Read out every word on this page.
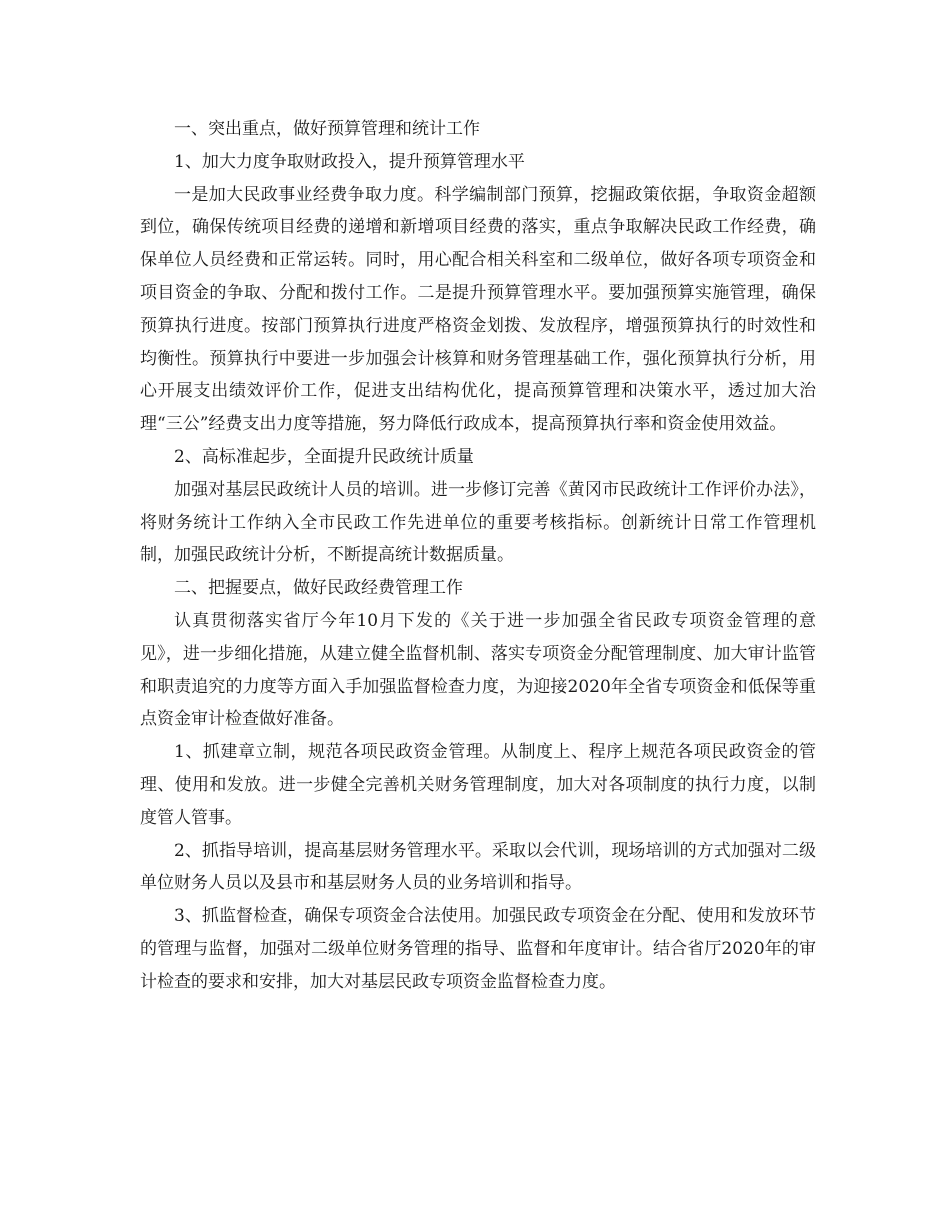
一、突出重点，做好预算管理和统计工作

1、加大力度争取财政投入，提升预算管理水平

一是加大民政事业经费争取力度。科学编制部门预算，挖掘政策依据，争取资金超额到位，确保传统项目经费的递增和新增项目经费的落实，重点争取解决民政工作经费，确保单位人员经费和正常运转。同时，用心配合相关科室和二级单位，做好各项专项资金和项目资金的争取、分配和拨付工作。二是提升预算管理水平。要加强预算实施管理，确保预算执行进度。按部门预算执行进度严格资金划拨、发放程序，增强预算执行的时效性和均衡性。预算执行中要进一步加强会计核算和财务管理基础工作，强化预算执行分析，用心开展支出绩效评价工作，促进支出结构优化，提高预算管理和决策水平，透过加大治理“三公”经费支出力度等措施，努力降低行政成本，提高预算执行率和资金使用效益。

2、高标准起步，全面提升民政统计质量

加强对基层民政统计人员的培训。进一步修订完善《黄冈市民政统计工作评价办法》，将财务统计工作纳入全市民政工作先进单位的重要考核指标。创新统计日常工作管理机制，加强民政统计分析，不断提高统计数据质量。

二、把握要点，做好民政经费管理工作

认真贯彻落实省厅今年10月下发的《关于进一步加强全省民政专项资金管理的意见》，进一步细化措施，从建立健全监督机制、落实专项资金分配管理制度、加大审计监管和职责追究的力度等方面入手加强监督检查力度，为迎接2020年全省专项资金和低保等重点资金审计检查做好准备。

1、抓建章立制，规范各项民政资金管理。从制度上、程序上规范各项民政资金的管理、使用和发放。进一步健全完善机关财务管理制度，加大对各项制度的执行力度，以制度管人管事。

2、抓指导培训，提高基层财务管理水平。采取以会代训，现场培训的方式加强对二级单位财务人员以及县市和基层财务人员的业务培训和指导。

3、抓监督检查，确保专项资金合法使用。加强民政专项资金在分配、使用和发放环节的管理与监督，加强对二级单位财务管理的指导、监督和年度审计。结合省厅2020年的审计检查的要求和安排，加大对基层民政专项资金监督检查力度。
